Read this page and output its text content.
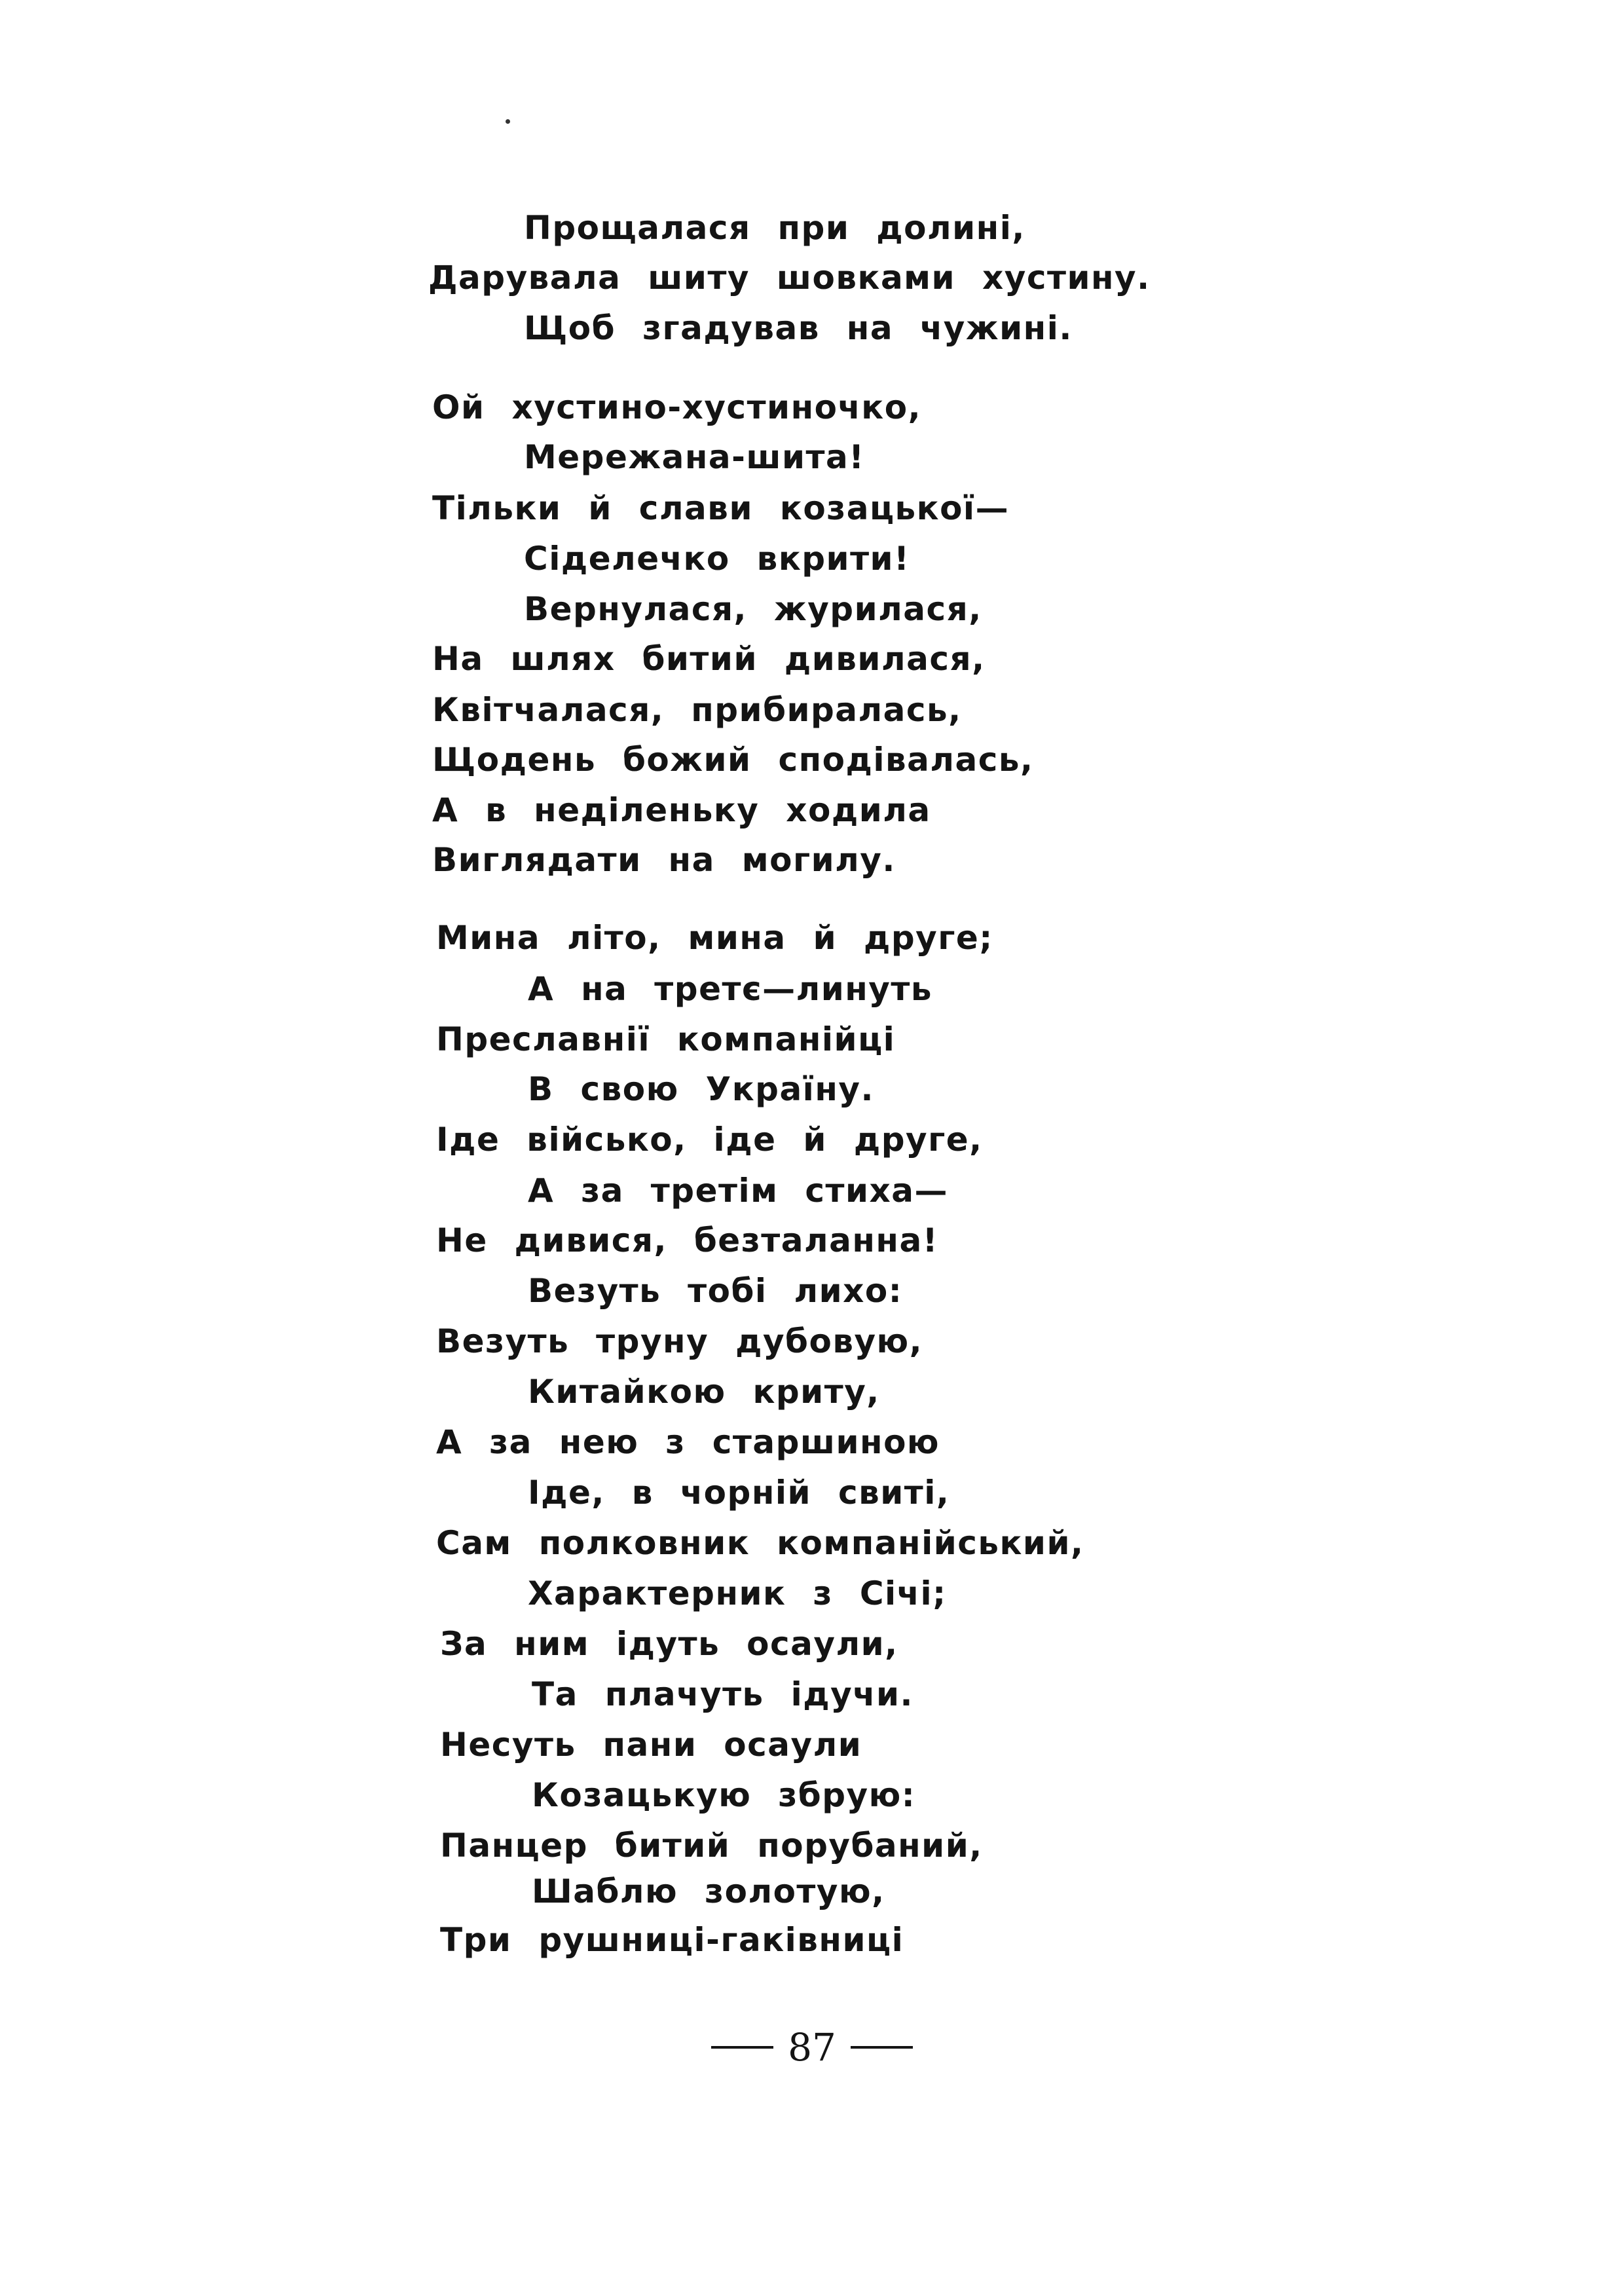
Прощалася при долині,
Дарувала шиту шовками хустину.
Щоб згадував на чужині.
Ой хустино-хустиночко,
Мережана-шита!
Тільки й слави козацької—
Сіделечко вкрити!
Вернулася, журилася,
На шлях битий дивилася,
Квітчалася, прибиралась,
Щодень божий сподівалась,
А в неділеньку ходила
Виглядати на могилу.
Мина літо, мина й друге;
А на третє—линуть
Преславнії компанійці
В свою Україну.
Іде військо, іде й друге,
А за третім стиха—
Не дивися, безталанна!
Везуть тобі лихо:
Везуть труну дубовую,
Китайкою криту,
А за нею з старшиною
Іде, в чорній свиті,
Сам полковник компанійський,
Характерник з Січі;
За ним ідуть осаули,
Та плачуть ідучи.
Несуть пани осаули
Козацькую збрую:
Панцер битий порубаний,
Шаблю золотую,
Три рушниці-гаківниці
87
